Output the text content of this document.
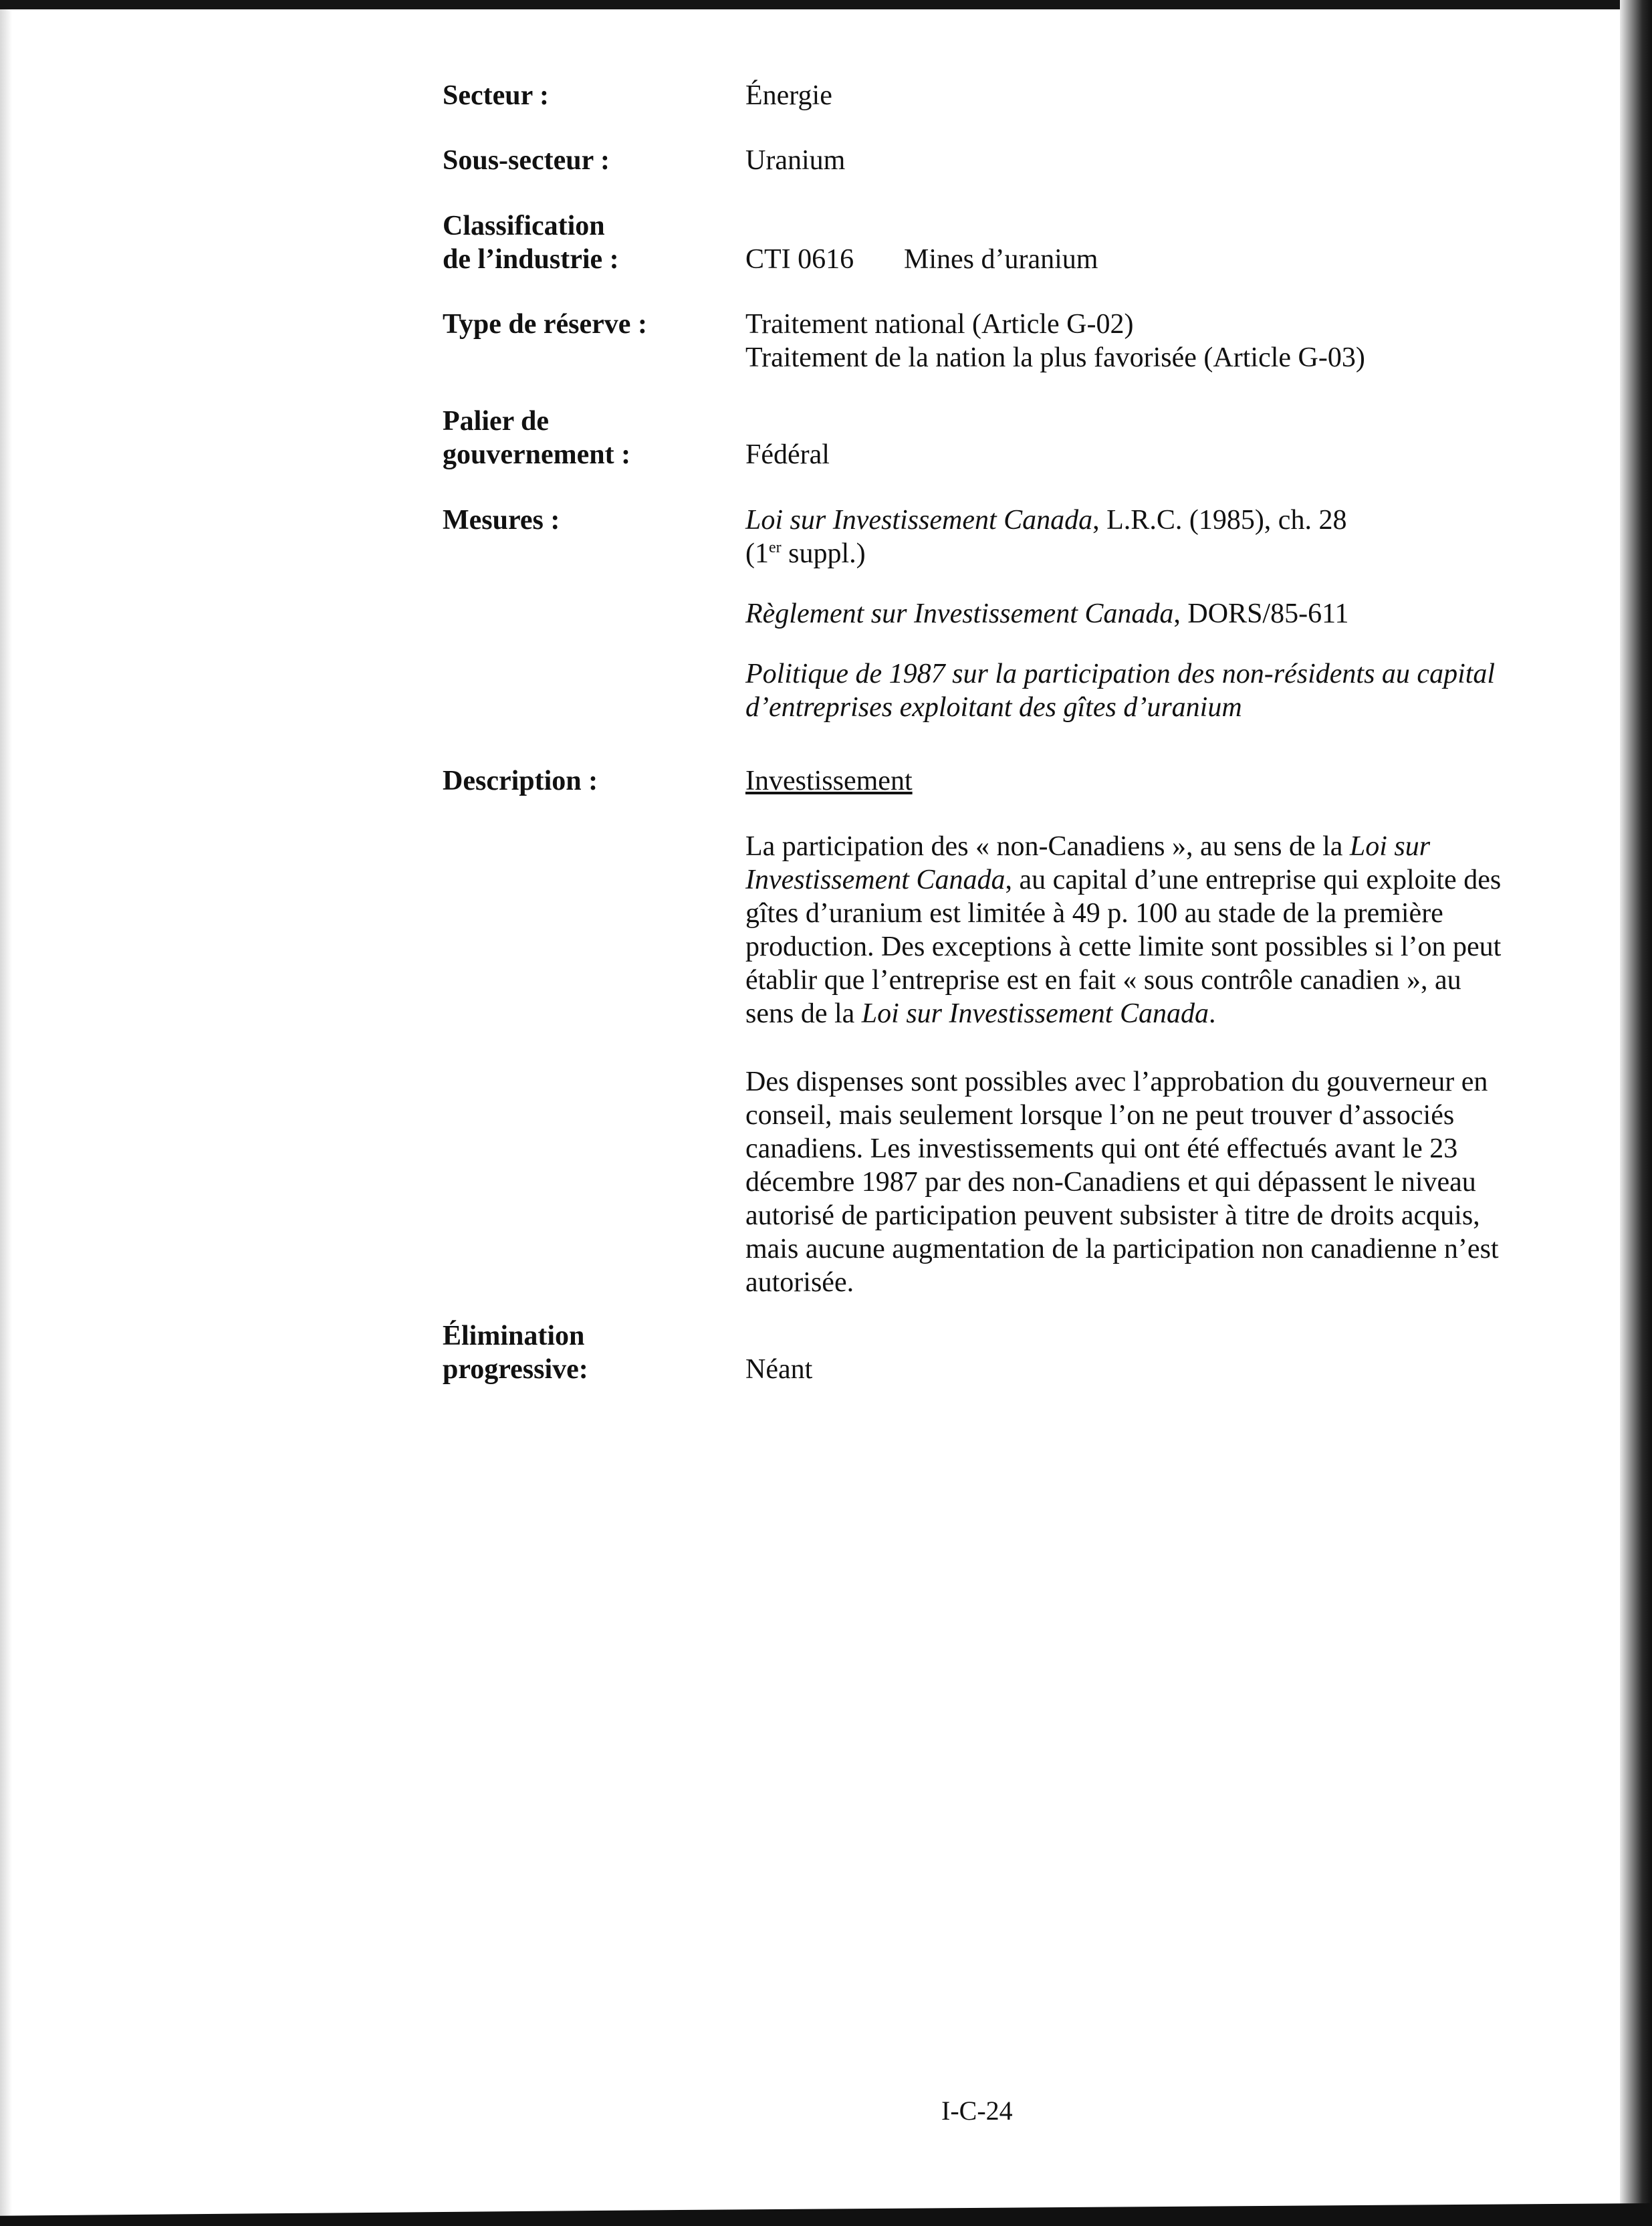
Secteur :	Énergie
Sous-secteur :	Uranium
Classification
de l’industrie :	CTI 0616 Mines d’uranium
Type de réserve :	Traitement national (Article G-02)

Traitement de la nation la plus favorisée (Article G-03)

Palier de
gouvernement :	Fédéral
Mesures :	Loi sur Investissement Canada, L.R.C. (1985), ch. 28

(1er suppl.)

Règlement sur Investissement Canada, DORS/85-611

Politique de 1987 sur la participation des non-résidents au capital d’entreprises exploitant des gîtes d’uranium

Description :	Investissement

La participation des « non-Canadiens », au sens de la Loi sur Investissement Canada, au capital d’une entreprise qui exploite des gîtes d’uranium est limitée à 49 p. 100 au stade de la première production. Des exceptions à cette limite sont possibles si l’on peut établir que l’entreprise est en fait « sous contrôle canadien », au sens de la Loi sur Investissement Canada.

Des dispenses sont possibles avec l’approbation du gouverneur en conseil, mais seulement lorsque l’on ne peut trouver d’associés canadiens. Les investissements qui ont été effectués avant le 23 décembre 1987 par des non-Canadiens et qui dépassent le niveau autorisé de participation peuvent subsister à titre de droits acquis, mais aucune augmentation de la participation non canadienne n’est autorisée.

Élimination
progressive:	Néant
I-C-24
